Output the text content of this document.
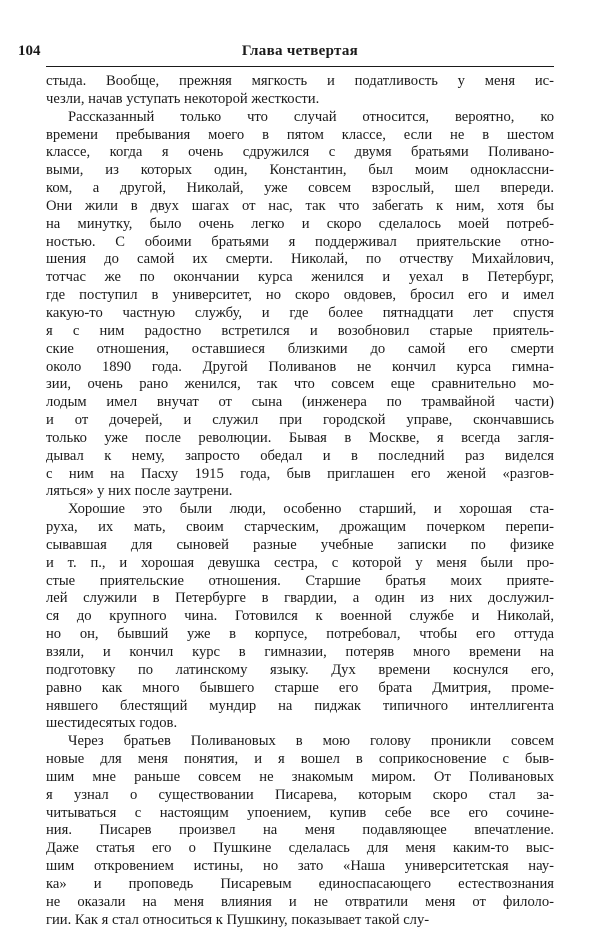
104	Глава четвертая
стыда. Вообще, прежняя мягкость и податливость у меня ис-
чезли, начав уступать некоторой жесткости.
Рассказанный только что случай относится, вероятно, ко
времени пребывания моего в пятом классе, если не в шестом
классе, когда я очень сдружился с двумя братьями Поливано-
выми, из которых один, Константин, был моим одноклассни-
ком, а другой, Николай, уже совсем взрослый, шел впереди.
Они жили в двух шагах от нас, так что забегать к ним, хотя бы
на минутку, было очень легко и скоро сделалось моей потреб-
ностью. С обоими братьями я поддерживал приятельские отно-
шения до самой их смерти. Николай, по отчеству Михайлович,
тотчас же по окончании курса женился и уехал в Петербург,
где поступил в университет, но скоро овдовев, бросил его и имел
какую-то частную службу, и где более пятнадцати лет спустя
я с ним радостно встретился и возобновил старые приятель-
ские отношения, оставшиеся близкими до самой его смерти
около 1890 года. Другой Поливанов не кончил курса гимна-
зии, очень рано женился, так что совсем еще сравнительно мо-
лодым имел внучат от сына (инженера по трамвайной части)
и от дочерей, и служил при городской управе, скончавшись
только уже после революции. Бывая в Москве, я всегда загля-
дывал к нему, запросто обедал и в последний раз виделся
с ним на Пасху 1915 года, быв приглашен его женой «разгов-
ляться» у них после заутрени.
Хорошие это были люди, особенно старший, и хорошая ста-
руха, их мать, своим старческим, дрожащим почерком перепи-
сывавшая для сыновей разные учебные записки по физике
и т. п., и хорошая девушка сестра, с которой у меня были про-
стые приятельские отношения. Старшие братья моих прияте-
лей служили в Петербурге в гвардии, а один из них дослужил-
ся до крупного чина. Готовился к военной службе и Николай,
но он, бывший уже в корпусе, потребовал, чтобы его оттуда
взяли, и кончил курс в гимназии, потеряв много времени на
подготовку по латинскому языку. Дух времени коснулся его,
равно как много бывшего старше его брата Дмитрия, проме-
нявшего блестящий мундир на пиджак типичного интеллигента
шестидесятых годов.
Через братьев Поливановых в мою голову проникли совсем
новые для меня понятия, и я вошел в соприкосновение с быв-
шим мне раньше совсем не знакомым миром. От Поливановых
я узнал о существовании Писарева, которым скоро стал за-
читываться с настоящим упоением, купив себе все его сочине-
ния. Писарев произвел на меня подавляющее впечатление.
Даже статья его о Пушкине сделалась для меня каким-то выс-
шим откровением истины, но зато «Наша университетская нау-
ка» и проповедь Писаревым единоспасающего естествознания
не оказали на меня влияния и не отвратили меня от филоло-
гии. Как я стал относиться к Пушкину, показывает такой слу-
